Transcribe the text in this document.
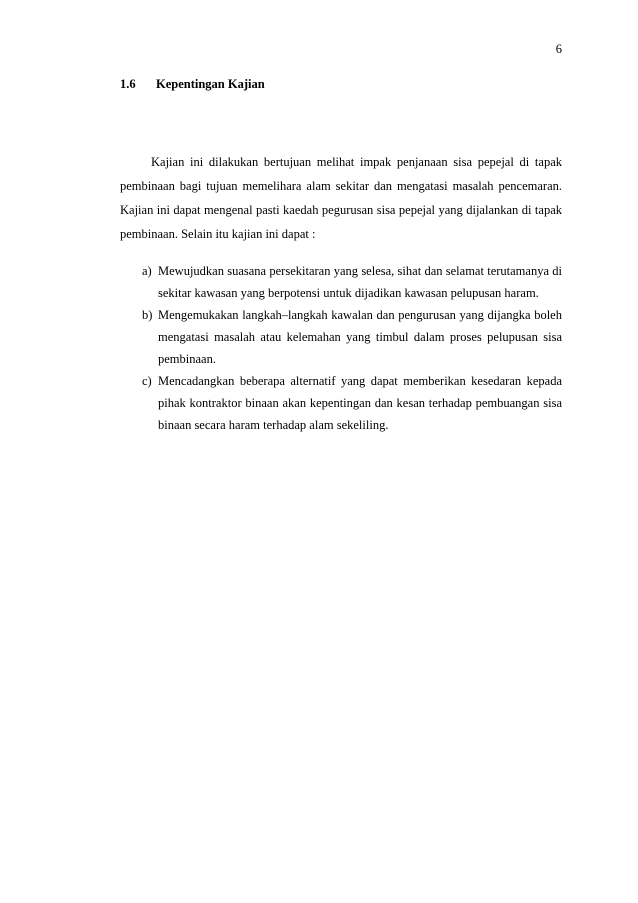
6
1.6 Kepentingan Kajian

Kajian ini dilakukan bertujuan melihat impak penjanaan sisa pepejal di tapak pembinaan bagi tujuan memelihara alam sekitar dan mengatasi masalah pencemaran. Kajian ini dapat mengenal pasti kaedah pegurusan sisa pepejal yang dijalankan di tapak pembinaan. Selain itu kajian ini dapat :

a) Mewujudkan suasana persekitaran yang selesa, sihat dan selamat terutamanya di sekitar kawasan yang berpotensi untuk dijadikan kawasan pelupusan haram.
b) Mengemukakan langkah–langkah kawalan dan pengurusan yang dijangka boleh mengatasi masalah atau kelemahan yang timbul dalam proses pelupusan sisa pembinaan.
c) Mencadangkan beberapa alternatif yang dapat memberikan kesedaran kepada pihak kontraktor binaan akan kepentingan dan kesan terhadap pembuangan sisa binaan secara haram terhadap alam sekeliling.
